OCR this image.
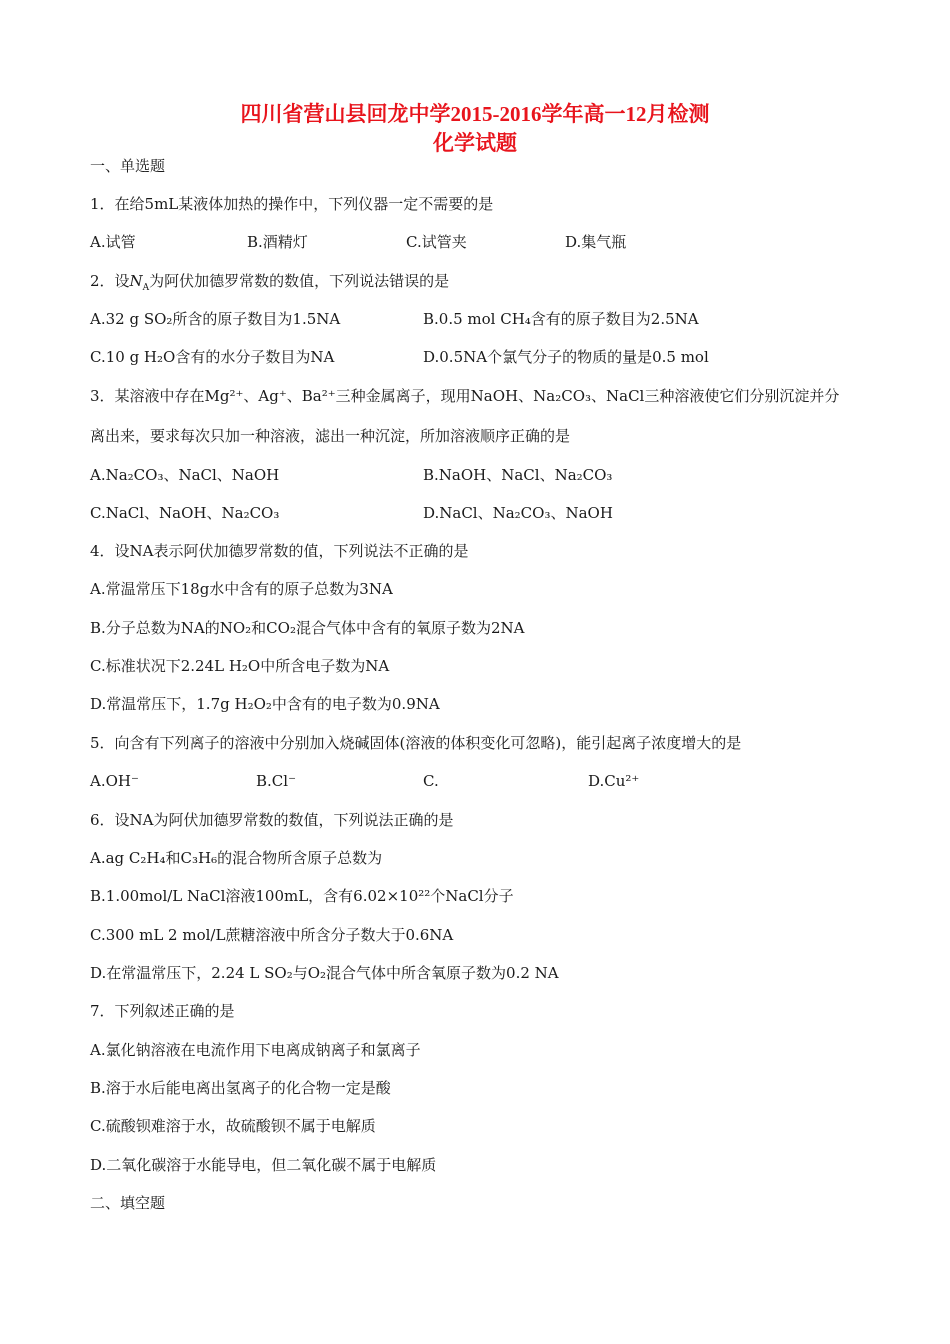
四川省营山县回龙中学2015-2016学年高一12月检测
化学试题
一、单选题
1．在给5mL某液体加热的操作中，下列仪器一定不需要的是
A.试管	B.酒精灯	C.试管夹	D.集气瓶
2．设$N_A$为阿伏加德罗常数的数值，下列说法错误的是
A.32 g SO₂所含的原子数目为1.5NA	B.0.5 mol CH₄含有的原子数目为2.5NA
C.10 g H₂O含有的水分子数目为NA	D.0.5NA个氯气分子的物质的量是0.5 mol
3．某溶液中存在Mg²⁺、Ag⁺、Ba²⁺三种金属离子，现用NaOH、Na₂CO₃、NaCl三种溶液使它们分别沉淀并分
离出来，要求每次只加一种溶液，滤出一种沉淀，所加溶液顺序正确的是
A.Na₂CO₃、NaCl、NaOH	B.NaOH、NaCl、Na₂CO₃
C.NaCl、NaOH、Na₂CO₃	D.NaCl、Na₂CO₃、NaOH
4．设NA表示阿伏加德罗常数的值，下列说法不正确的是
A.常温常压下18g水中含有的原子总数为3NA
B.分子总数为NA的NO₂和CO₂混合气体中含有的氧原子数为2NA
C.标准状况下2.24L H₂O中所含电子数为NA
D.常温常压下，1.7g H₂O₂中含有的电子数为0.9NA
5．向含有下列离子的溶液中分别加入烧碱固体(溶液的体积变化可忽略)，能引起离子浓度增大的是
A.OH⁻	B.Cl⁻	C.	D.Cu²⁺
6．设NA为阿伏加德罗常数的数值，下列说法正确的是
A.ag C₂H₄和C₃H₆的混合物所含原子总数为
B.1.00mol/L NaCl溶液100mL，含有6.02×10²²个NaCl分子
C.300 mL 2 mol/L蔗糖溶液中所含分子数大于0.6NA
D.在常温常压下，2.24 L SO₂与O₂混合气体中所含氧原子数为0.2 NA
7．下列叙述正确的是
A.氯化钠溶液在电流作用下电离成钠离子和氯离子
B.溶于水后能电离出氢离子的化合物一定是酸
C.硫酸钡难溶于水，故硫酸钡不属于电解质
D.二氧化碳溶于水能导电，但二氧化碳不属于电解质
二、填空题
